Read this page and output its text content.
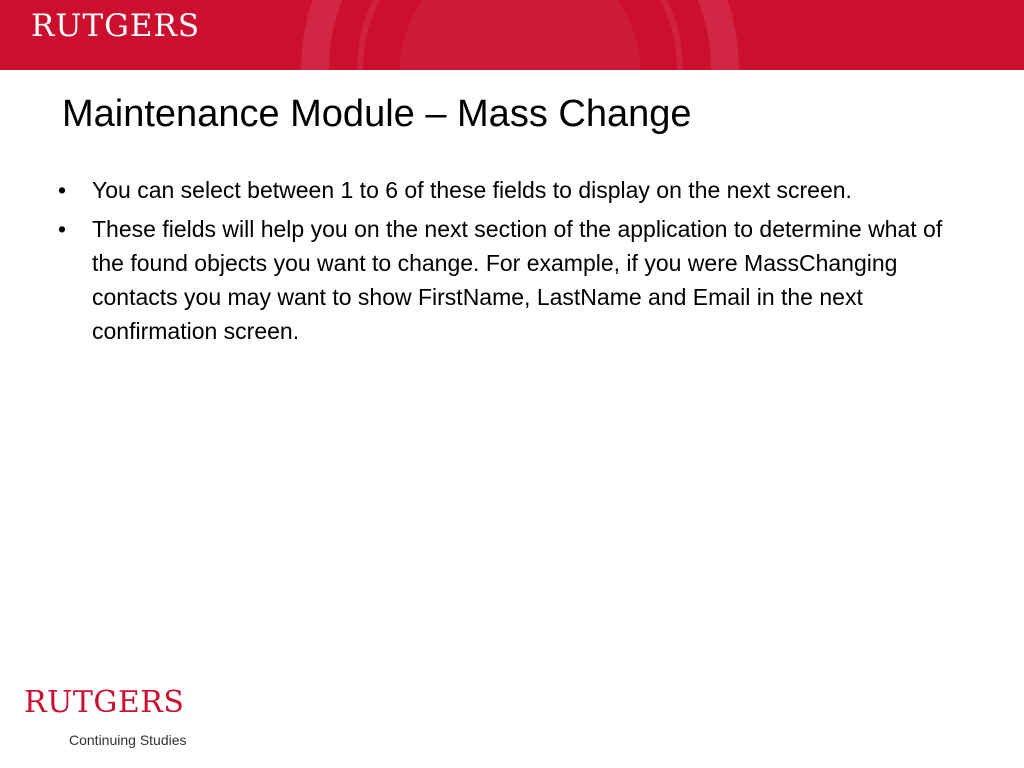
RUTGERS
Maintenance Module – Mass Change
• You can select between 1 to 6 of these fields to display on the next screen.
• These fields will help you on the next section of the application to determine what of the found objects you want to change. For example, if you were MassChanging contacts you may want to show FirstName, LastName and Email in the next confirmation screen.
RUTGERS
Continuing Studies
